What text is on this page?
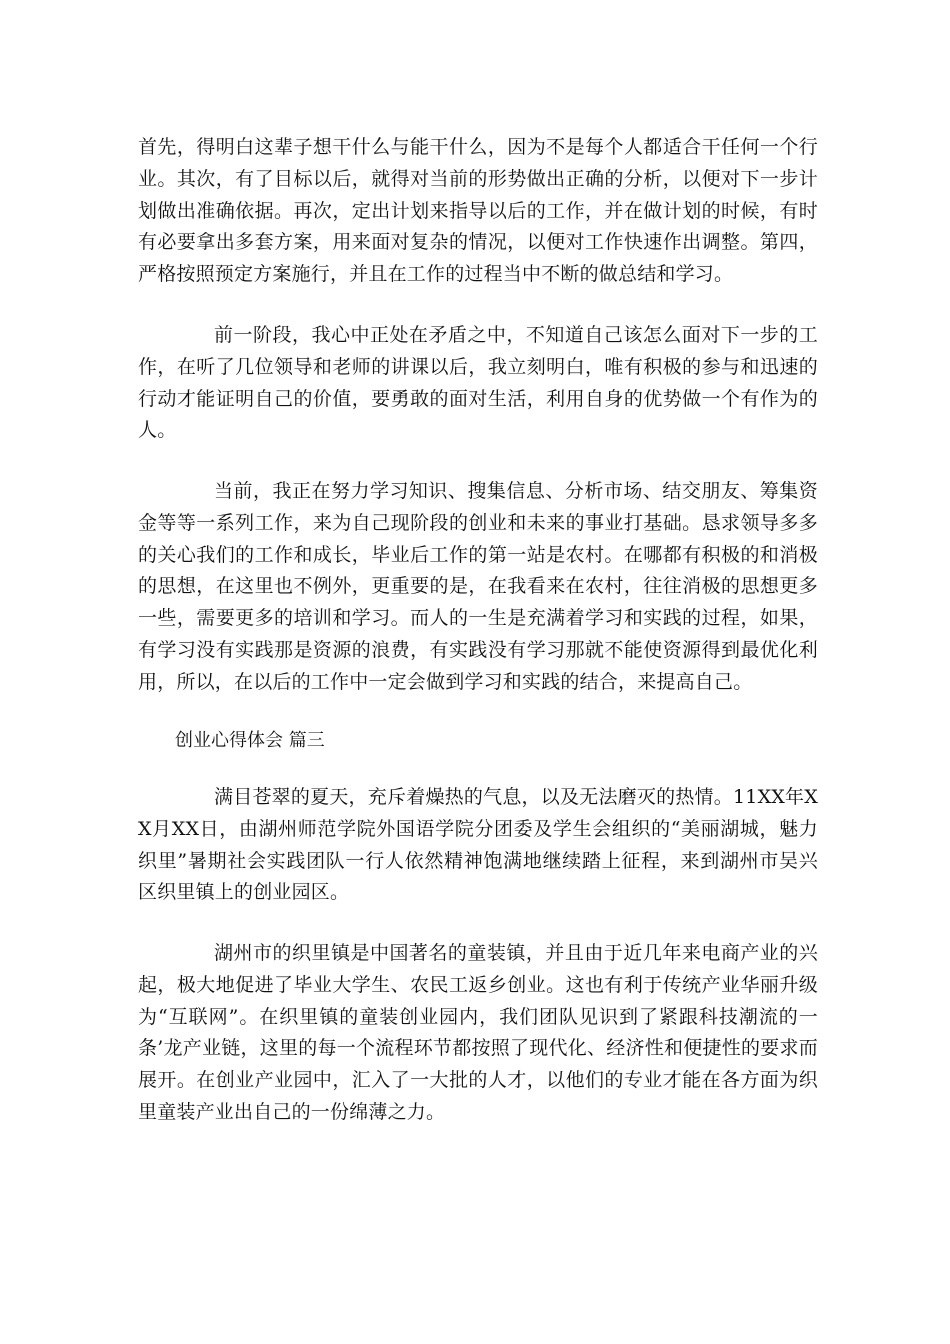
首先，得明白这辈子想干什么与能干什么，因为不是每个人都适合干任何一个行业。其次，有了目标以后，就得对当前的形势做出正确的分析，以便对下一步计划做出准确依据。再次，定出计划来指导以后的工作，并在做计划的时候，有时有必要拿出多套方案，用来面对复杂的情况，以便对工作快速作出调整。第四，严格按照预定方案施行，并且在工作的过程当中不断的做总结和学习。

前一阶段，我心中正处在矛盾之中，不知道自己该怎么面对下一步的工作，在听了几位领导和老师的讲课以后，我立刻明白，唯有积极的参与和迅速的行动才能证明自己的价值，要勇敢的面对生活，利用自身的优势做一个有作为的人。

当前，我正在努力学习知识、搜集信息、分析市场、结交朋友、筹集资金等等一系列工作，来为自己现阶段的创业和未来的事业打基础。恳求领导多多的关心我们的工作和成长，毕业后工作的第一站是农村。在哪都有积极的和消极的思想，在这里也不例外，更重要的是，在我看来在农村，往往消极的思想更多一些，需要更多的培训和学习。而人的一生是充满着学习和实践的过程，如果，有学习没有实践那是资源的浪费，有实践没有学习那就不能使资源得到最优化利用，所以，在以后的工作中一定会做到学习和实践的结合，来提高自己。

创业心得体会 篇三

满目苍翠的夏天，充斥着燥热的气息，以及无法磨灭的热情。11XX年XX月XX日，由湖州师范学院外国语学院分团委及学生会组织的“美丽湖城，魅力织里”暑期社会实践团队一行人依然精神饱满地继续踏上征程，来到湖州市吴兴区织里镇上的创业园区。

湖州市的织里镇是中国著名的童装镇，并且由于近几年来电商产业的兴起，极大地促进了毕业大学生、农民工返乡创业。这也有利于传统产业华丽升级为“互联网”。在织里镇的童装创业园内，我们团队见识到了紧跟科技潮流的一条’龙产业链，这里的每一个流程环节都按照了现代化、经济性和便捷性的要求而展开。在创业产业园中，汇入了一大批的人才，以他们的专业才能在各方面为织里童装产业出自己的一份绵薄之力。
